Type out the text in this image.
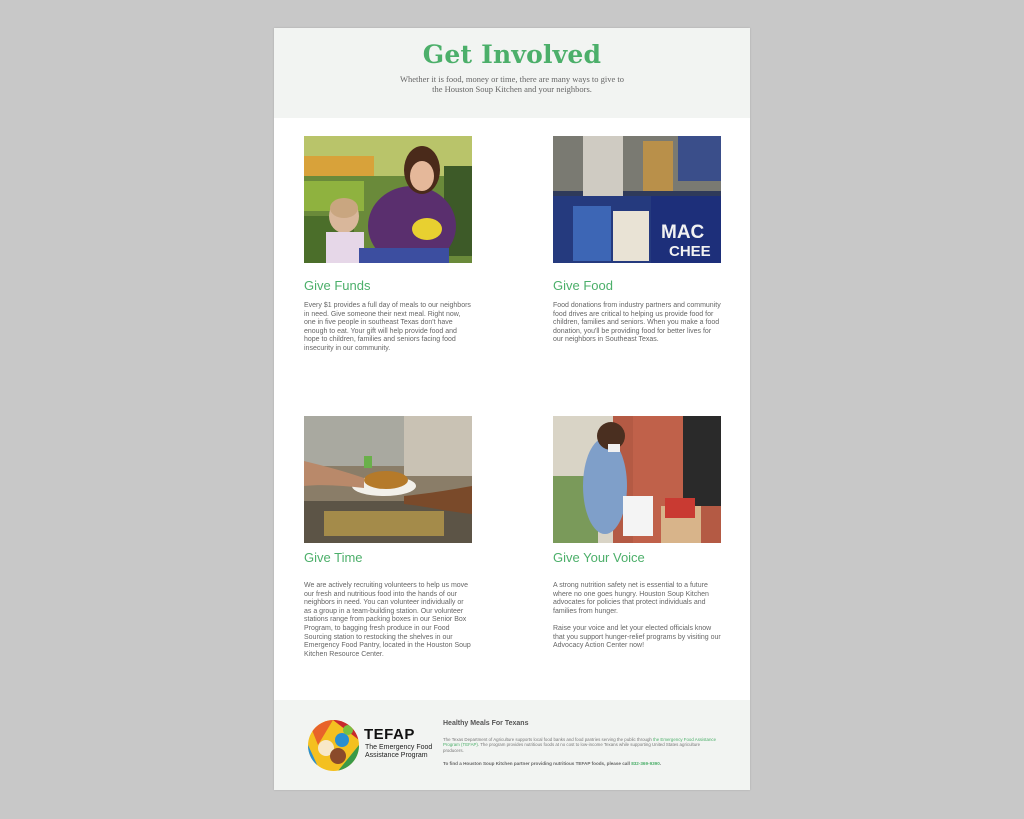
Get Involved
Whether it is food, money or time, there are many ways to give to the Houston Soup Kitchen and your neighbors.
Give Funds

Every $1 provides a full day of meals to our neighbors in need. Give someone their next meal. Right now, one in five people in southeast Texas don't have enough to eat. Your gift will help provide food and hope to children, families and seniors facing food insecurity in our community.

MAC
CHEE
Give Food

Food donations from industry partners and community food drives are critical to helping us provide food for children, families and seniors. When you make a food donation, you'll be providing food for better lives for our neighbors in Southeast Texas.

Give Time

We are actively recruiting volunteers to help us move our fresh and nutritious food into the hands of our neighbors in need. You can volunteer individually or as a group in a team-building station. Our volunteer stations range from packing boxes in our Senior Box Program, to bagging fresh produce in our Food Sourcing station to restocking the shelves in our Emergency Food Pantry, located in the Houston Soup Kitchen Resource Center.

Give Your Voice

A strong nutrition safety net is essential to a future where no one goes hungry. Houston Soup Kitchen advocates for policies that protect individuals and families from hunger.

Raise your voice and let your elected officials know that you support hunger-relief programs by visiting our Advocacy Action Center now!

TEFAP
The Emergency Food Assistance Program
Healthy Meals For Texans
The Texas Department of Agriculture supports local food banks and food pantries serving the public through the Emergency Food Assistance Program (TEFAP). The program provides nutritious foods at no cost to low-income Texans while supporting United States agriculture producers.
To find a Houston Soup Kitchen partner providing nutritious TEFAP foods, please call 832-369-9390.
